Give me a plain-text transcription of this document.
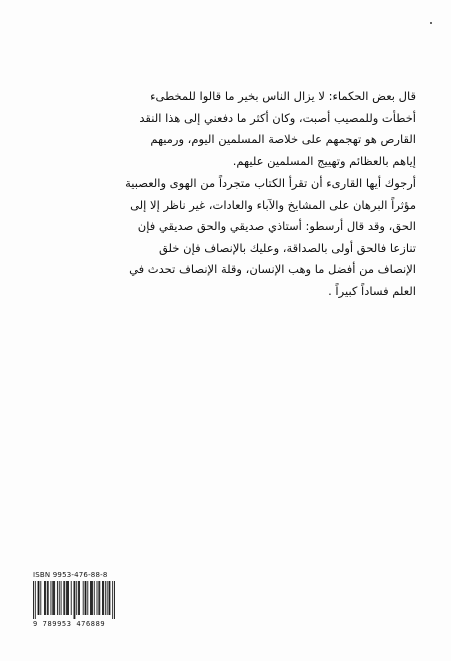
قال بعض الحكماء: لا يزال الناس بخير ما قالوا للمخطىء
أخطأت وللمصيب أصبت، وكان أكثر ما دفعني إلى هذا النقد
القارص هو تهجمهم على خلاصة المسلمين اليوم، ورميهم
إياهم بالعظائم وتهييج المسلمين عليهم.

أرجوك أيها القارىء أن تقرأ الكتاب متجرداً من الهوى والعصبية
مؤثراً البرهان على المشايخ والآباء والعادات، غير ناظر إلا إلى
الحق، وقد قال أرسطو: أستاذي صديقي والحق صديقي فإن
تنازعا فالحق أولى بالصداقة، وعليك بالإنصاف فإن خلق
الإنصاف من أفضل ما وهب الإنسان، وقلة الإنصاف تحدث في
العلم فساداً كبيراً .

ISBN 9953-476-88-8
9 789953 476889
